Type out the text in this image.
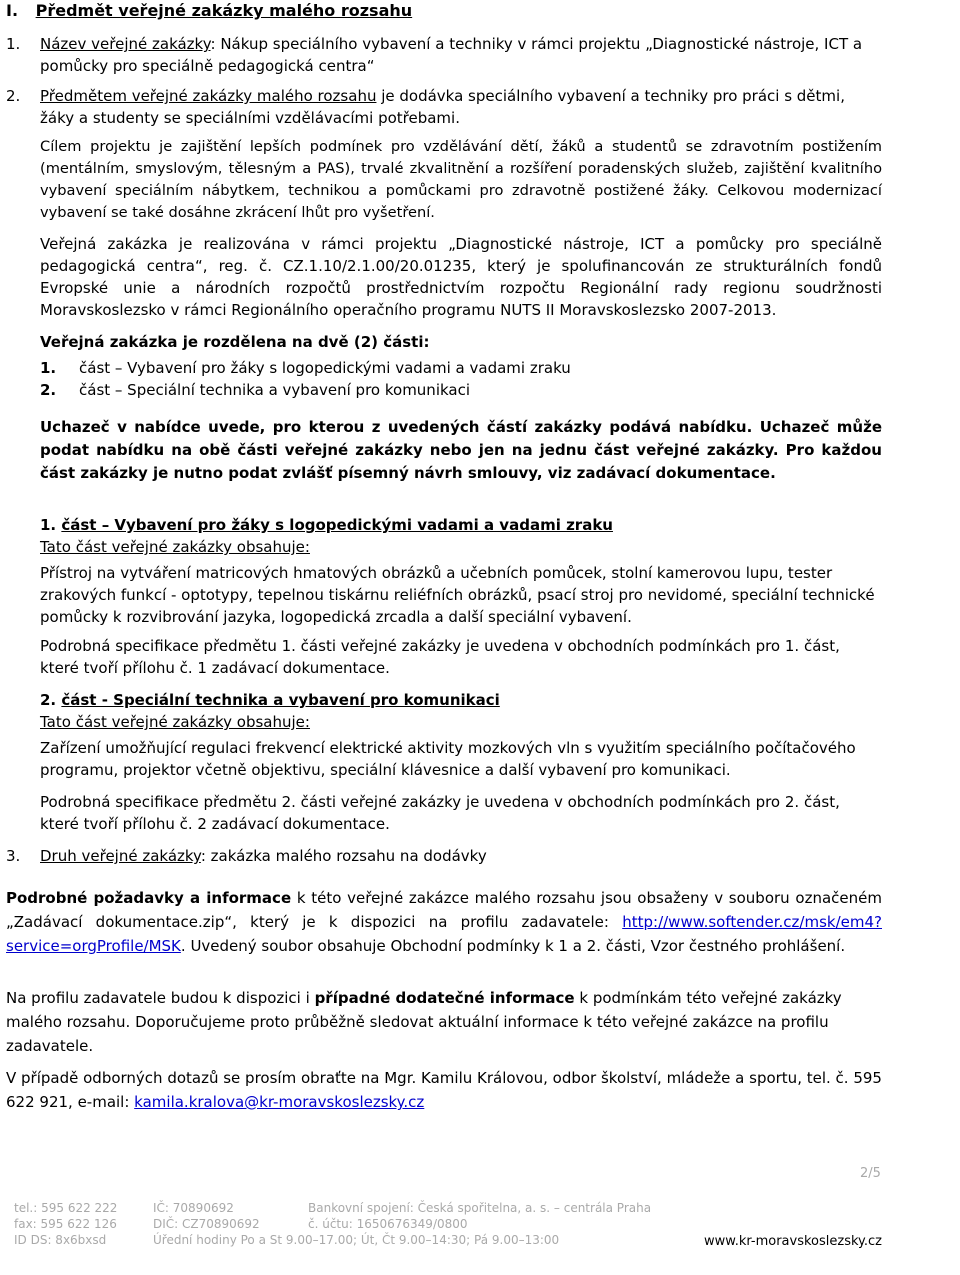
I. Předmět veřejné zakázky malého rozsahu
1.	Název veřejné zakázky: Nákup speciálního vybavení a techniky v rámci projektu „Diagnostické nástroje, ICT a pomůcky pro speciálně pedagogická centra“
2.	Předmětem veřejné zakázky malého rozsahu je dodávka speciálního vybavení a techniky pro práci s dětmi, žáky a studenty se speciálními vzdělávacími potřebami.
Cílem projektu je zajištění lepších podmínek pro vzdělávání dětí, žáků a studentů se zdravotním postižením (mentálním, smyslovým, tělesným a PAS), trvalé zkvalitnění a rozšíření poradenských služeb, zajištění kvalitního vybavení speciálním nábytkem, technikou a pomůckami pro zdravotně postižené žáky. Celkovou modernizací vybavení se také dosáhne zkrácení lhůt pro vyšetření.
Veřejná zakázka je realizována v rámci projektu „Diagnostické nástroje, ICT a pomůcky pro speciálně pedagogická centra“, reg. č. CZ.1.10/2.1.00/20.01235, který je spolufinancován ze strukturálních fondů Evropské unie a národních rozpočtů prostřednictvím rozpočtu Regionální rady regionu soudržnosti Moravskoslezsko v rámci Regionálního operačního programu NUTS II Moravskoslezsko 2007-2013.
Veřejná zakázka je rozdělena na dvě (2) části:
1. část – Vybavení pro žáky s logopedickými vadami a vadami zraku
2. část – Speciální technika a vybavení pro komunikaci
Uchazeč v nabídce uvede, pro kterou z uvedených částí zakázky podává nabídku. Uchazeč může podat nabídku na obě části veřejné zakázky nebo jen na jednu část veřejné zakázky. Pro každou část zakázky je nutno podat zvlášť písemný návrh smlouvy, viz zadávací dokumentace.
1. část – Vybavení pro žáky s logopedickými vadami a vadami zraku
Tato část veřejné zakázky obsahuje:
Přístroj na vytváření matricových hmatových obrázků a učebních pomůcek, stolní kamerovou lupu, tester zrakových funkcí - optotypy, tepelnou tiskárnu reliéfních obrázků, psací stroj pro nevidomé, speciální technické pomůcky k rozvibrování jazyka, logopedická zrcadla a další speciální vybavení.
Podrobná specifikace předmětu 1. části veřejné zakázky je uvedena v obchodních podmínkách pro 1. část, které tvoří přílohu č. 1 zadávací dokumentace.
2. část - Speciální technika a vybavení pro komunikaci
Tato část veřejné zakázky obsahuje:
Zařízení umožňující regulaci frekvencí elektrické aktivity mozkových vln s využitím speciálního počítačového programu, projektor včetně objektivu, speciální klávesnice a další vybavení pro komunikaci.
Podrobná specifikace předmětu 2. části veřejné zakázky je uvedena v obchodních podmínkách pro 2. část, které tvoří přílohu č. 2 zadávací dokumentace.
3.	Druh veřejné zakázky: zakázka malého rozsahu na dodávky
Podrobné požadavky a informace k této veřejné zakázce malého rozsahu jsou obsaženy v souboru označeném „Zadávací dokumentace.zip“, který je k dispozici na profilu zadavatele: http://www.softender.cz/msk/em4?service=orgProfile/MSK. Uvedený soubor obsahuje Obchodní podmínky k 1 a 2. části, Vzor čestného prohlášení.
Na profilu zadavatele budou k dispozici i případné dodatečné informace k podmínkám této veřejné zakázky malého rozsahu. Doporučujeme proto průběžně sledovat aktuální informace k této veřejné zakázce na profilu zadavatele.
V případě odborných dotazů se prosím obraťte na Mgr. Kamilu Královou, odbor školství, mládeže a sportu, tel. č. 595 622 921, e-mail: kamila.kralova@kr-moravskoslezsky.cz
2/5
tel.: 595 622 222
fax: 595 622 126
ID DS: 8x6bxsd
IČ: 70890692
DIČ: CZ70890692
Úřední hodiny Po a St 9.00–17.00; Út, Čt 9.00–14:30; Pá 9.00–13:00
Bankovní spojení: Česká spořitelna, a. s. – centrála Praha
č. účtu: 1650676349/0800
www.kr-moravskoslezsky.cz
